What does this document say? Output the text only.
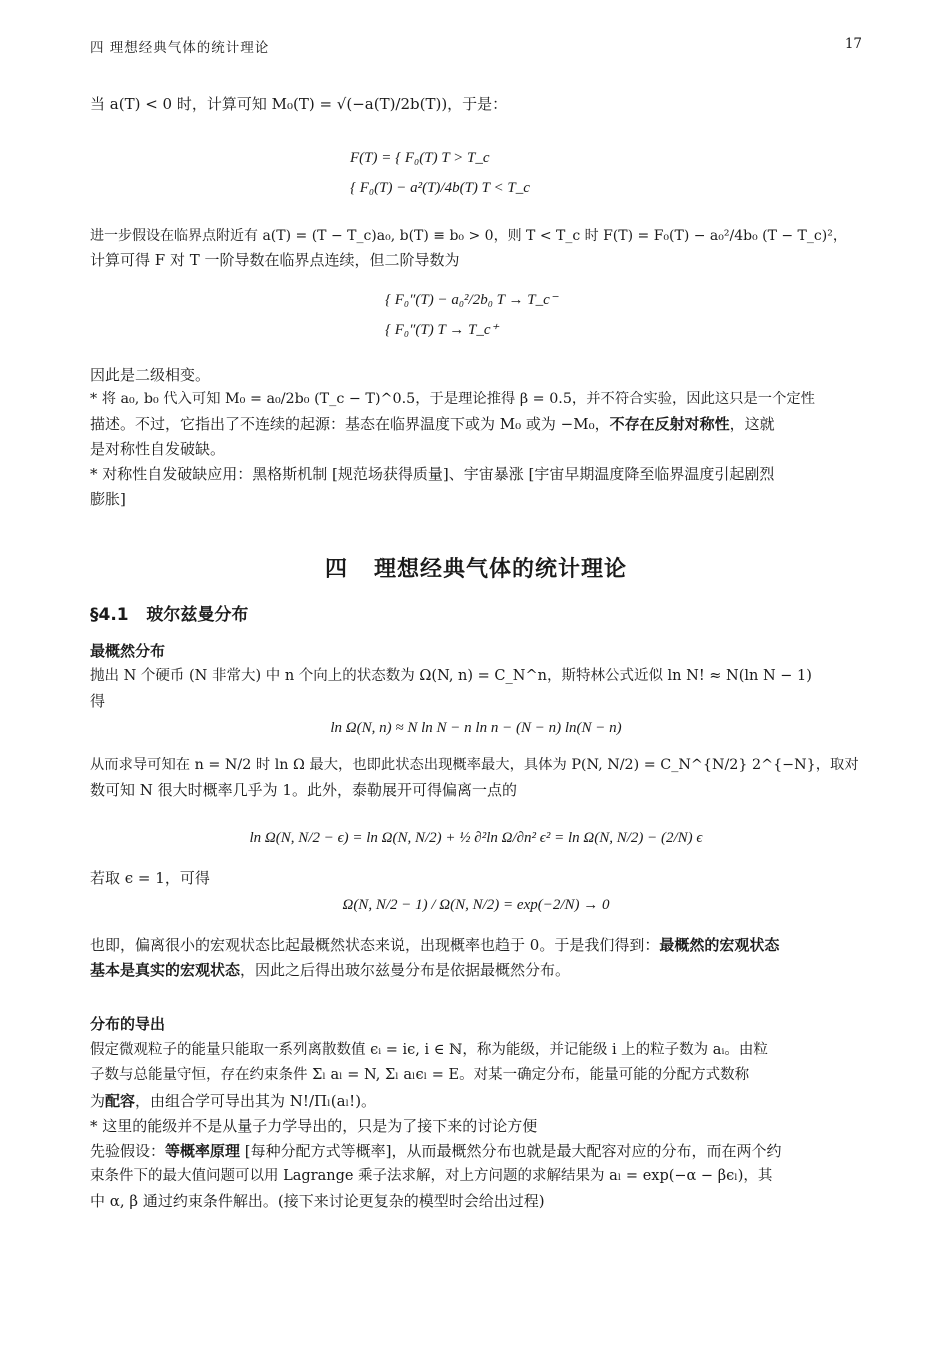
四 理想经典气体的统计理论	17
当 a(T) < 0 时，计算可知 M₀(T) = √(−a(T)/2b(T))，于是：
F(T) = { F₀(T) T > T_c
{ F₀(T) − a²(T)/4b(T) T < T_c
进一步假设在临界点附近有 a(T) = (T − T_c)a₀, b(T) ≡ b₀ > 0，则 T < T_c 时 F(T) = F₀(T) − a₀²/4b₀ (T − T_c)²，
计算可得 F 对 T 一阶导数在临界点连续，但二阶导数为
{ F₀″(T) − a₀²/2b₀ T → T_c⁻
{ F₀″(T) T → T_c⁺
因此是二级相变。
* 将 a₀, b₀ 代入可知 M₀ = a₀/2b₀ (T_c − T)^0.5，于是理论推得 β = 0.5，并不符合实验，因此这只是一个定性
描述。不过，它指出了不连续的起源：基态在临界温度下或为 M₀ 或为 −M₀，不存在反射对称性，这就
是对称性自发破缺。
* 对称性自发破缺应用：黑格斯机制 [规范场获得质量]、宇宙暴涨 [宇宙早期温度降至临界温度引起剧烈
膨胀]
四 理想经典气体的统计理论
§4.1 玻尔兹曼分布
最概然分布
抛出 N 个硬币 (N 非常大) 中 n 个向上的状态数为 Ω(N, n) = C_N^n，斯特林公式近似 ln N! ≈ N(ln N − 1)
得
ln Ω(N, n) ≈ N ln N − n ln n − (N − n) ln(N − n)
从而求导可知在 n = N/2 时 ln Ω 最大，也即此状态出现概率最大，具体为 P(N, N/2) = C_N^{N/2} 2^{−N}，取对
数可知 N 很大时概率几乎为 1。此外，泰勒展开可得偏离一点的
ln Ω(N, N/2 − ϵ) = ln Ω(N, N/2) + ½ ∂²ln Ω/∂n² ϵ² = ln Ω(N, N/2) − (2/N) ϵ
若取 ϵ = 1，可得
Ω(N, N/2 − 1) / Ω(N, N/2) = exp(−2/N) → 0
也即，偏离很小的宏观状态比起最概然状态来说，出现概率也趋于 0。于是我们得到：最概然的宏观状态
基本是真实的宏观状态，因此之后得出玻尔兹曼分布是依据最概然分布。
分布的导出
假定微观粒子的能量只能取一系列离散数值 ϵᵢ = iϵ, i ∈ ℕ，称为能级，并记能级 i 上的粒子数为 aᵢ。由粒
子数与总能量守恒，存在约束条件 Σₗ aₗ = N, Σₗ aₗϵₗ = E。对某一确定分布，能量可能的分配方式数称
为配容，由组合学可导出其为 N!/Πₗ(aₗ!)。
* 这里的能级并不是从量子力学导出的，只是为了接下来的讨论方便
先验假设：等概率原理 [每种分配方式等概率]，从而最概然分布也就是最大配容对应的分布，而在两个约
束条件下的最大值问题可以用 Lagrange 乘子法求解，对上方问题的求解结果为 aₗ = exp(−α − βϵₗ)，其
中 α, β 通过约束条件解出。(接下来讨论更复杂的模型时会给出过程)
